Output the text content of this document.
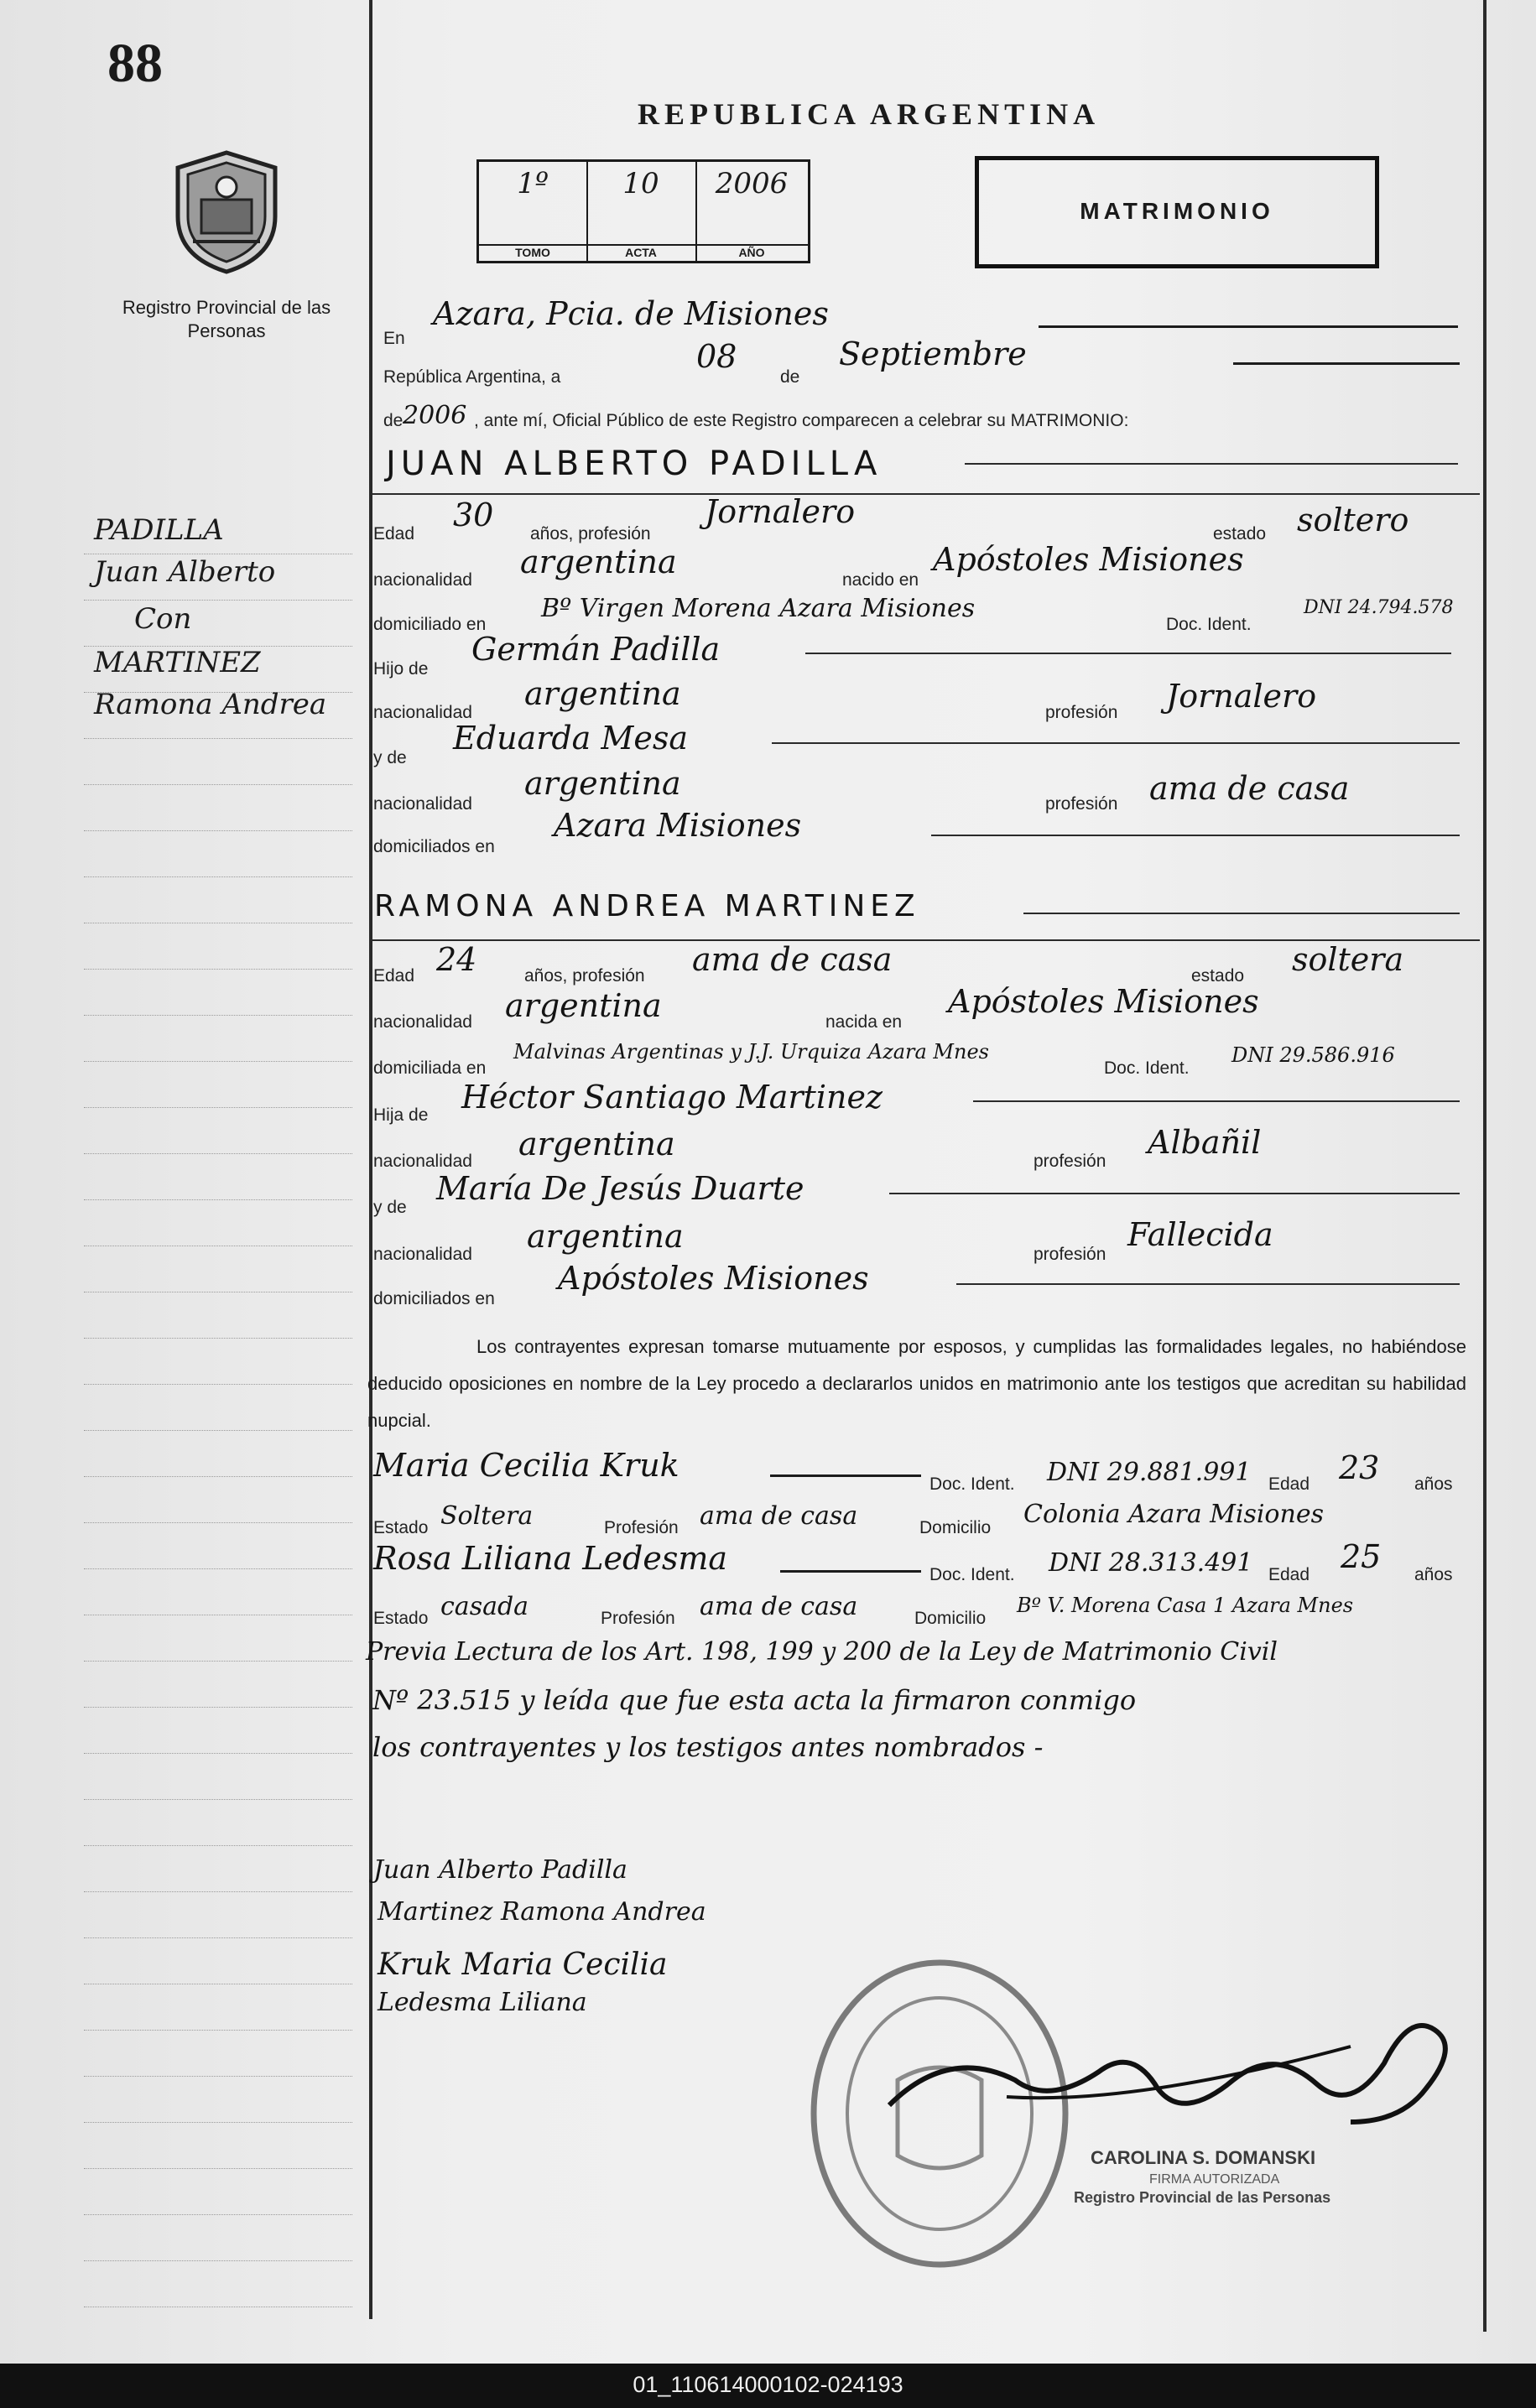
88
Registro Provincial de las Personas
REPUBLICA ARGENTINA
1º
TOMO
10
ACTA
2006
AÑO
MATRIMONIO
PADILLA
Juan Alberto
Con
MARTINEZ
Ramona Andrea
En
Azara, Pcia. de Misiones
República Argentina, a
08
de
Septiembre
de 2006 , ante mí, Oficial Público de este Registro comparecen a celebrar su MATRIMONIO:
JUAN ALBERTO PADILLA
Edad
30
años, profesión
Jornalero
estado soltero
nacionalidad argentina	nacido en
Apóstoles Misiones
domiciliado en
Bº Virgen Morena Azara Misiones
Doc. Ident.
DNI 24.794.578
Hijo de
Germán Padilla
nacionalidad
argentina
profesión Jornalero
y de
Eduarda Mesa
nacionalidad
argentina
profesión ama de casa
domiciliados en
Azara Misiones
RAMONA ANDREA MARTINEZ
Edad 24	años, profesión ama de casa	estado soltera
nacionalidad argentina	nacida en
Apóstoles Misiones
domiciliada en
Malvinas Argentinas y J.J. Urquiza Azara Mnes
Doc. Ident.
DNI 29.586.916
Hija de Héctor Santiago Martinez
nacionalidad argentina	profesión
Albañil
y de
María De Jesús Duarte
nacionalidad argentina	profesión
Fallecida
domiciliados en
Apóstoles Misiones
Los contrayentes expresan tomarse mutuamente por esposos, y cumplidas las formalidades legales, no habiéndose deducido oposiciones en nombre de la Ley procedo a declararlos unidos en matrimonio ante los testigos que acreditan su habilidad nupcial.
Maria Cecilia Kruk
Doc. Ident. DNI 29.881.991 Edad 23 años
Estado Soltera	Profesión ama de casa	Domicilio Colonia Azara Misiones
Rosa Liliana Ledesma	Doc. Ident. DNI 28.313.491 Edad 25 años
Estado casada	Profesión ama de casa	Domicilio
Bº V. Morena Casa 1 Azara Mnes
Previa Lectura de los Art. 198, 199 y 200 de la Ley de Matrimonio Civil
Nº 23.515 y leída que fue esta acta la firmaron conmigo
los contrayentes y los testigos antes nombrados -
Juan Alberto Padilla
Martinez Ramona Andrea
Kruk Maria Cecilia
Ledesma Liliana
CAROLINA S. DOMANSKI
FIRMA AUTORIZADA
Registro Provincial de las Personas
01_110614000102-024193
